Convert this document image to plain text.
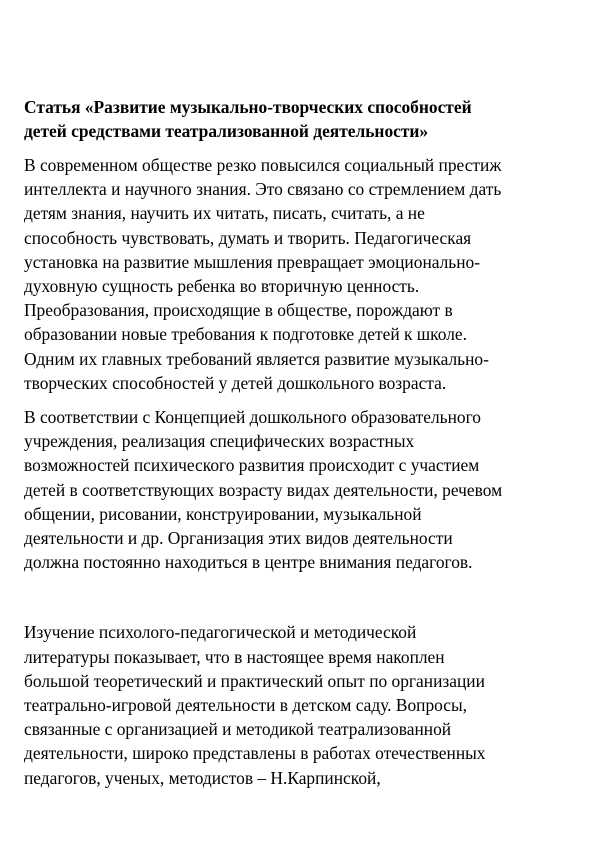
Статья «Развитие музыкально-творческих способностей
детей средствами театрализованной деятельности»
В современном обществе резко повысился социальный престиж
интеллекта и научного знания. Это связано со стремлением дать
детям знания, научить их читать, писать, считать, а не
способность чувствовать, думать и творить. Педагогическая
установка на развитие мышления превращает эмоционально-
духовную сущность ребенка во вторичную ценность.
Преобразования, происходящие в обществе, порождают в
образовании новые требования к подготовке детей к школе.
Одним их главных требований является развитие музыкально-
творческих способностей у детей дошкольного возраста.
В соответствии с Концепцией дошкольного образовательного
учреждения, реализация специфических возрастных
возможностей психического развития происходит с участием
детей в соответствующих возрасту видах деятельности, речевом
общении, рисовании, конструировании, музыкальной
деятельности и др. Организация этих видов деятельности
должна постоянно находиться в центре внимания педагогов.
Изучение психолого-педагогической и методической
литературы показывает, что в настоящее время накоплен
большой теоретический и практический опыт по организации
театрально-игровой деятельности в детском саду. Вопросы,
связанные с организацией и методикой театрализованной
деятельности, широко представлены в работах отечественных
педагогов, ученых, методистов – Н.Карпинской,
